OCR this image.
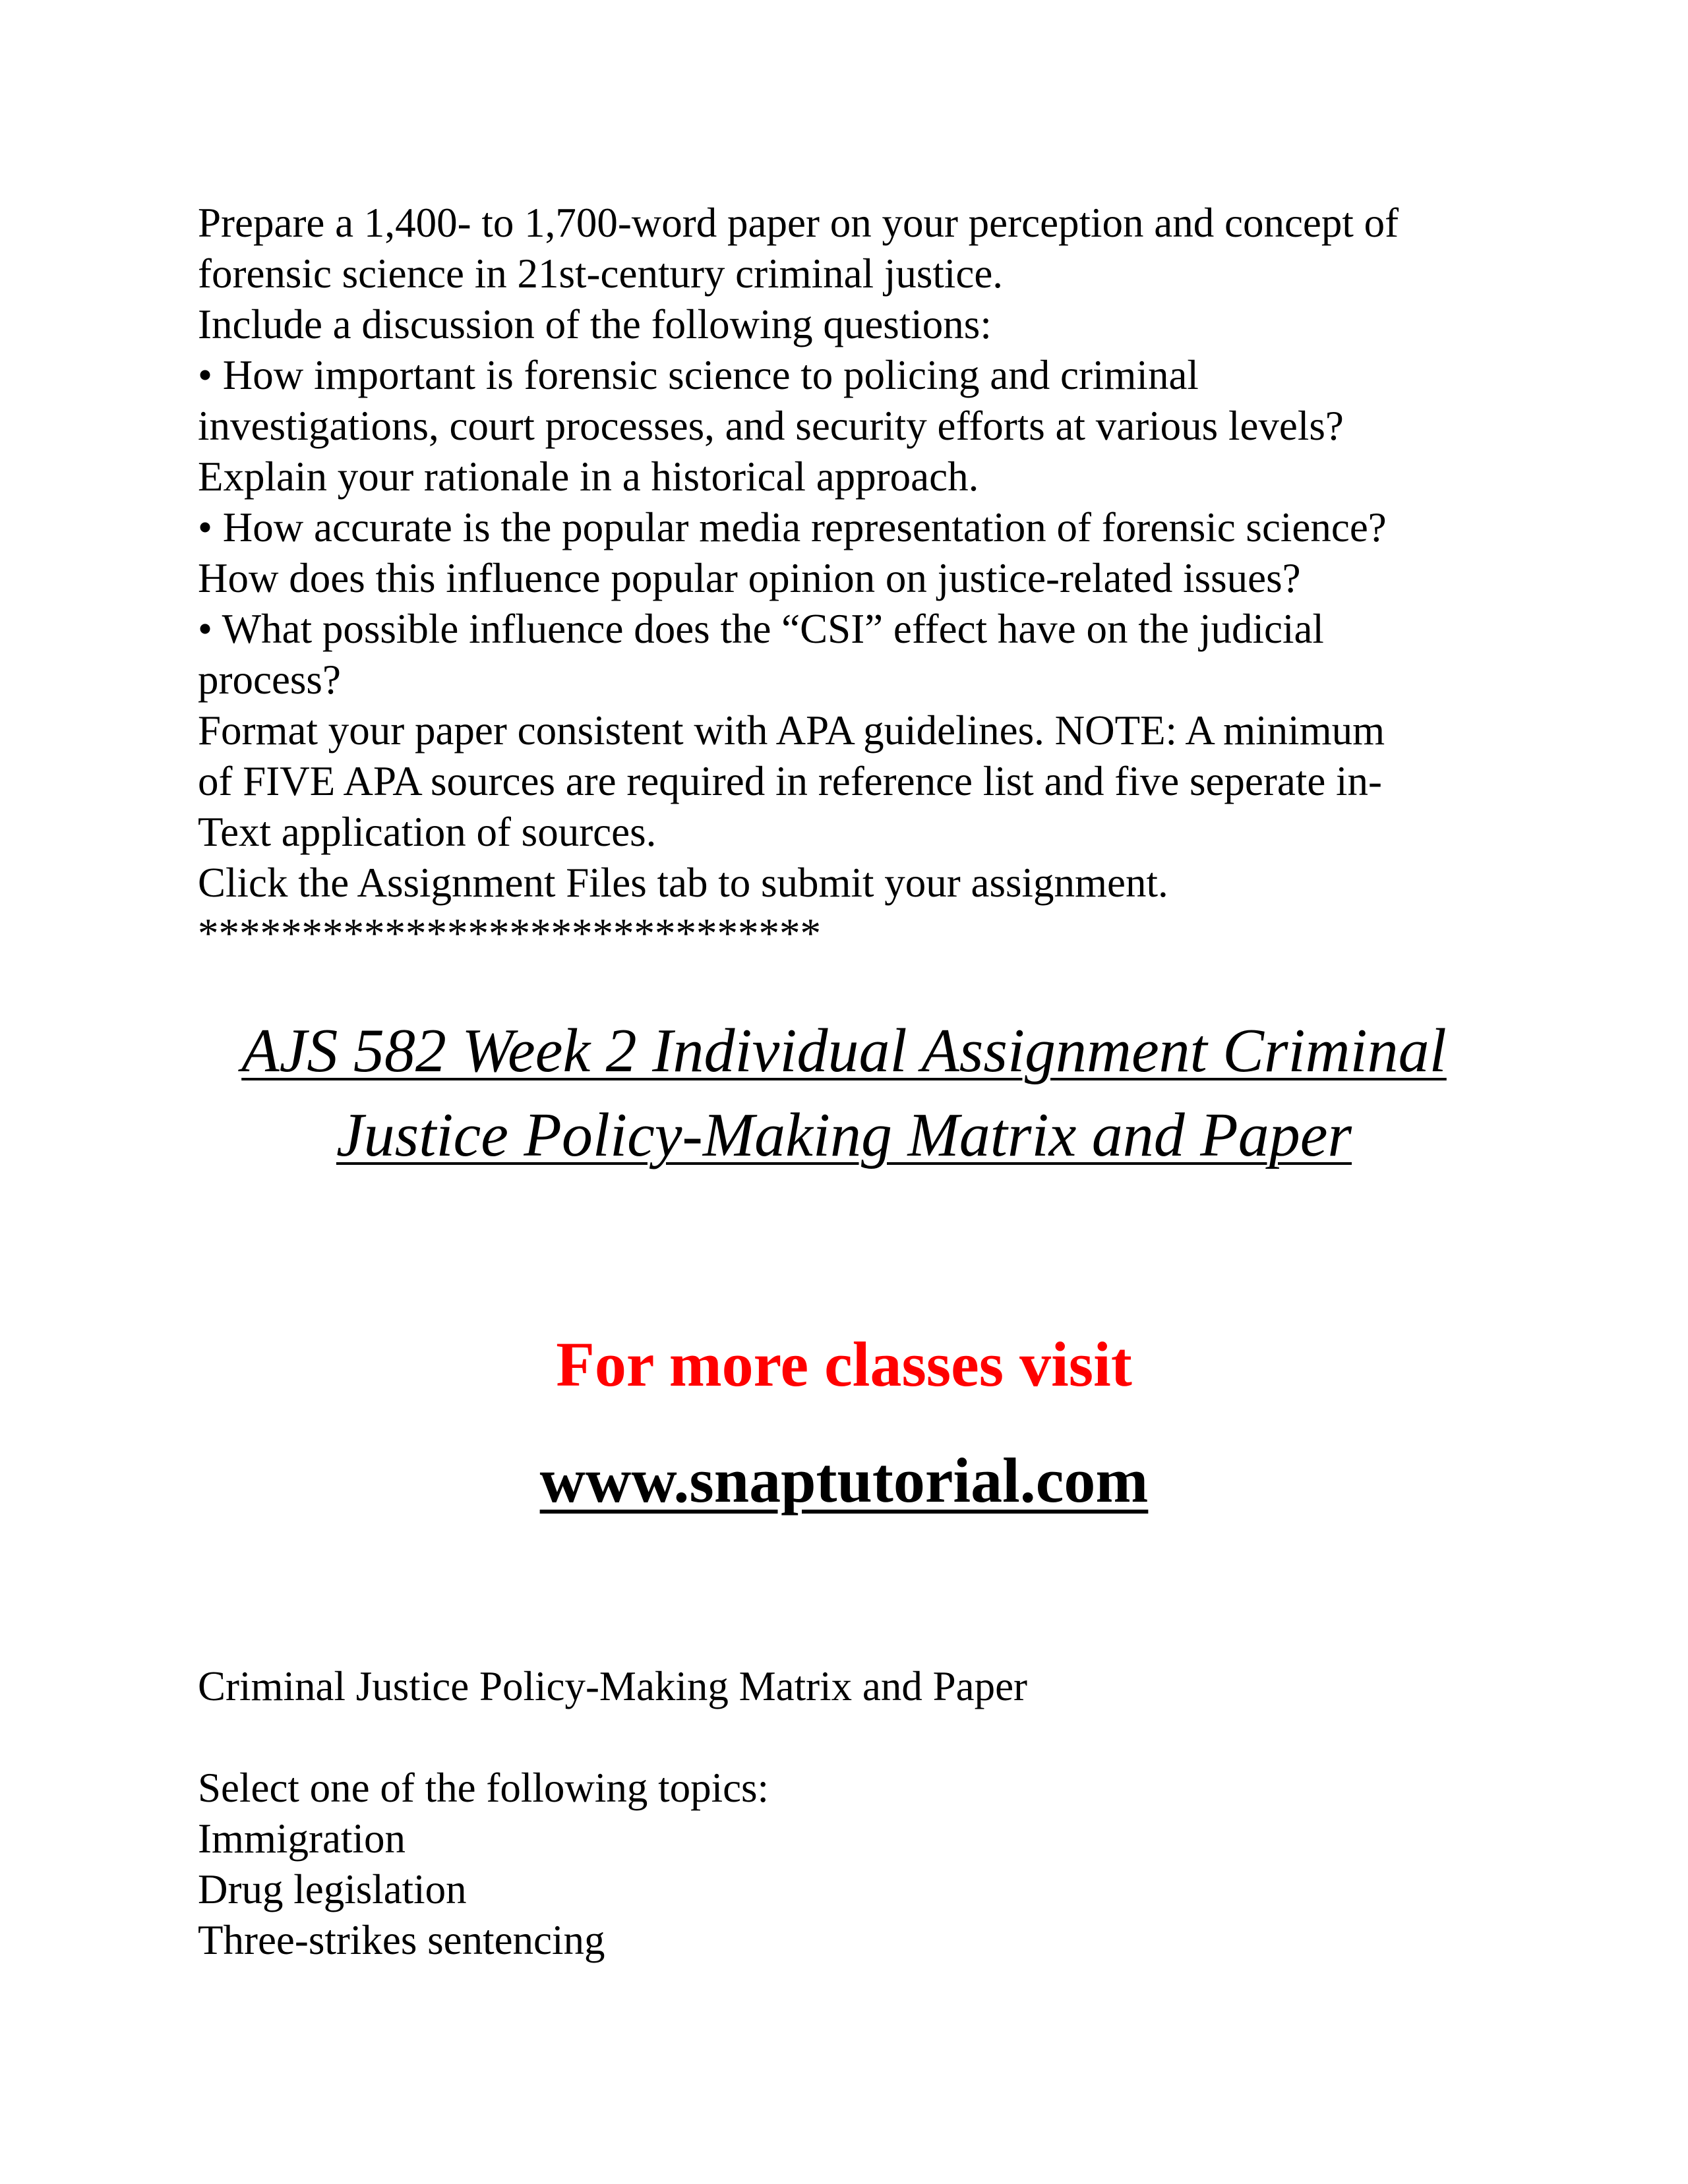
Prepare a 1,400- to 1,700-word paper on your perception and concept of
forensic science in 21st-century criminal justice.
Include a discussion of the following questions:
• How important is forensic science to policing and criminal
investigations, court processes, and security efforts at various levels?
Explain your rationale in a historical approach.
• How accurate is the popular media representation of forensic science?
How does this influence popular opinion on justice-related issues?
• What possible influence does the “CSI” effect have on the judicial
process?
Format your paper consistent with APA guidelines. NOTE: A minimum
of FIVE APA sources are required in reference list and five seperate in-
Text application of sources.
Click the Assignment Files tab to submit your assignment.
******************************

AJS 582 Week 2 Individual Assignment Criminal
Justice Policy-Making Matrix and Paper

For more classes visit

www.snaptutorial.com

Criminal Justice Policy-Making Matrix and Paper

Select one of the following topics:
Immigration
Drug legislation
Three-strikes sentencing
